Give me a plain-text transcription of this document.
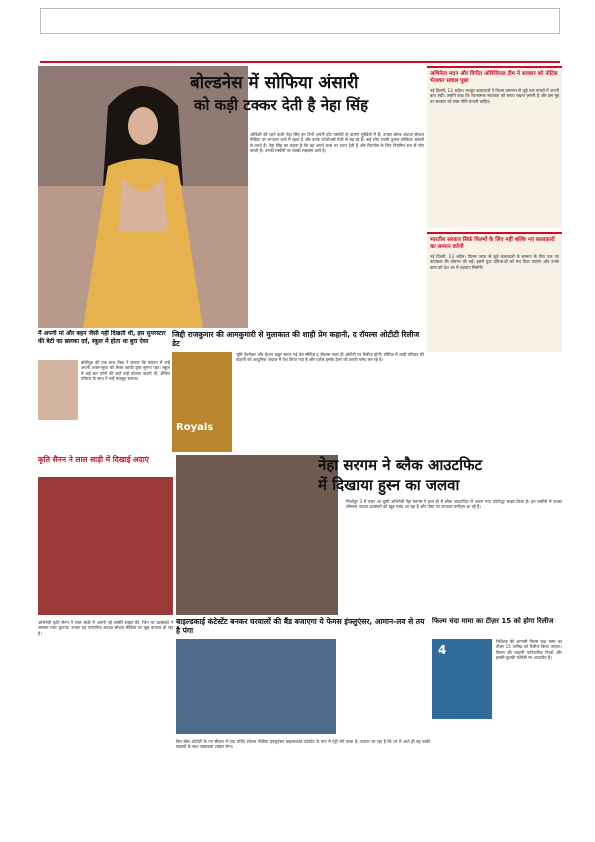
बोल्डनेस में सोफिया अंसारी
को कड़ी टक्कर देती है नेहा सिंह
ओडिशी की रहने वाली नेहा सिंह इन दिनों अपनी हॉट तस्वीरों के कारण सुर्खियों में हैं। उनका बोल्ड अंदाज़ सोशल मीडिया पर लगातार चर्चा में रहता है और उनके फॉलोअर्स तेज़ी से बढ़ रहे हैं। कई लोग उनकी तुलना सोफिया अंसारी से करते हैं। नेहा सिंह का कहना है कि वह अपने काम पर ध्यान देती हैं और फिटनेस के लिए नियमित रूप से योग करती हैं। उनकी तस्वीरों पर लाखों लाइक्स आते हैं।
अभिनेता मदन और विनीत ओरिजिनल टीम ने सरकार को नोटिस भेजकर सवाल पूछा
नई दिल्ली, 13 अप्रैल। मशहूर कलाकारों ने फिल्म प्रमाणन से जुड़े एक मामले में अपनी बात रखी। उन्होंने कहा कि रचनात्मक स्वतंत्रता को बनाए रखना ज़रूरी है और इस मुद्दे पर सरकार को स्पष्ट नीति बनानी चाहिए।
भारतीय सरकार सिर्फ़ फिल्मों के लिए नहीं बल्कि नए कलाकारों का सम्मान करेगी
नई दिल्ली, 13 अप्रैल। फिल्म जगत से जुड़े कलाकारों के सम्मान के लिए एक नए कार्यक्रम की घोषणा की गई। इसमें युवा प्रतिभाओं को मंच दिया जाएगा और उनके काम को देश भर में पहचान मिलेगी।
मैं अपनी मां और बहन जैसी नहीं दिखती थी, इस सुपरस्टार की बेटी का छलका दर्द, स्कूल में होता था बुरा ऐसा
बॉलीवुड की एक स्टार किड ने बताया कि बचपन में उन्हें अपनी शक्ल-सूरत को लेकर काफी कुछ सुनना पड़ा। स्कूल में कई बार लोगों की बातें उन्हें परेशान करती थीं, लेकिन परिवार के साथ ने उन्हें मज़बूत बनाया।
जिद्दी राजकुमार की आमकुमारी से मुलाकात की शाही प्रेम कहानी, द रॉयल्स ओटीटी रिलीज डेट
Royals
भूमि पेडनेकर और ईशान खट्टर स्टारर नई वेब सीरीज़ द रॉयल्स जल्द ही ओटीटी पर रिलीज़ होगी। सीरीज़ में शाही परिवार की कहानी को आधुनिक अंदाज़ में पेश किया गया है और दर्शक इसके ट्रेलर को काफी पसंद कर रहे हैं।
कृति सैनन ने लाल साड़ी में दिखाई अदाएं	नेहा सरगम ने ब्लैक आउटफिट
में दिखाया हुस्न का जलवा
मिर्ज़ापुर 3 में नज़र आ चुकी अभिनेत्री नेहा सरगम ने हाल ही में ब्लैक आउटफिट में अपना नया फोटोशूट साझा किया है। इन तस्वीरों में उनका ग्लैमरस अंदाज़ प्रशंसकों को खूब पसंद आ रहा है और पोस्ट पर लगातार कमेंट्स आ रहे हैं।
बाइल्डकाई कंटेस्टेंट बनकर घरवालों की बैंड बजाएगा ये फेमस इंफ्लुएंसर, आमान-लव से तय है पंगा
बिग बॉस ओटीटी के नए सीज़न में एक चर्चित सोशल मीडिया इंफ्लुएंसर वाइल्डकार्ड कंटेस्टेंट के रूप में एंट्री लेने वाला है। बताया जा रहा है कि घर में आते ही वह बाकी सदस्यों के साथ ज़बरदस्त टक्कर लेगा।
फिल्म चंदा मामा का टीज़र 15 को होगा रिलीज
4
निर्देशक की आगामी फिल्म चंदा मामा का टीज़र 15 तारीख को रिलीज़ किया जाएगा। फिल्म की कहानी पारिवारिक रिश्तों और हल्की-फुल्की कॉमेडी पर आधारित है।
अभिनेत्री कृति सैनन ने लाल साड़ी में अपनी नई तस्वीरें साझा कीं, जिन पर प्रशंसकों ने जमकर प्यार लुटाया। उनका यह पारंपरिक अंदाज़ सोशल मीडिया पर खूब वायरल हो रहा है।
